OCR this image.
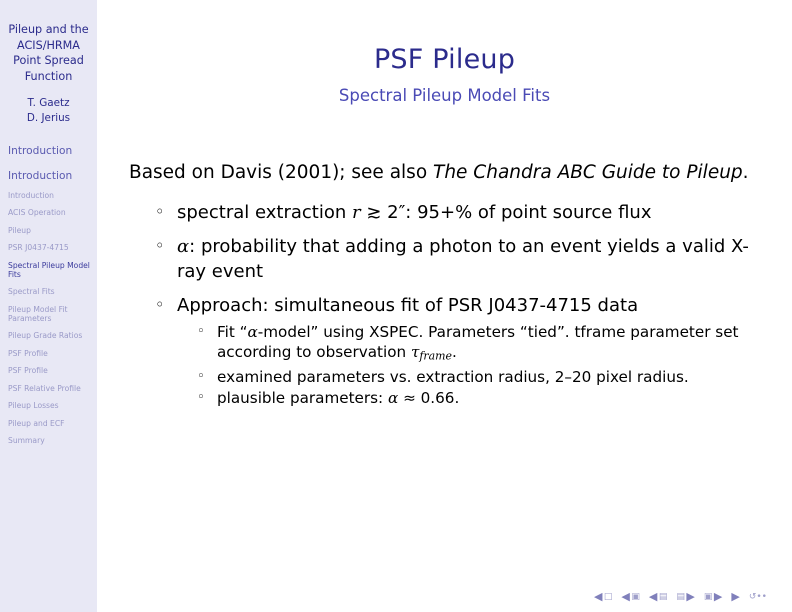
Pileup and the
ACIS/HRMA
Point Spread
Function
T. Gaetz
D. Jerius
Introduction
Introduction
Introduction
ACIS Operation
Pileup
PSR J0437-4715
Spectral Pileup Model Fits
Spectral Fits
Pileup Model Fit Parameters
Pileup Grade Ratios
PSF Profile
PSF Profile
PSF Relative Profile
Pileup Losses
Pileup and ECF
Summary
PSF Pileup
Spectral Pileup Model Fits

Based on Davis (2001); see also The Chandra ABC Guide to Pileup.

◦ spectral extraction r ≳ 2″: 95+% of point source flux
◦ α: probability that adding a photon to an event yields a valid X-ray event
◦ Approach: simultaneous fit of PSR J0437-4715 data
◦ Fit “α-model” using XSPEC. Parameters “tied”. tframe parameter set according to observation $\tau_{frame}$.
◦ examined parameters vs. extraction radius, 2–20 pixel radius.
◦ plausible parameters: α ≈ 0.66.
◀ □ ◀ ▣ ◀ ▤ ▤ ▶ ▣ ▶ ▶ ↺••
